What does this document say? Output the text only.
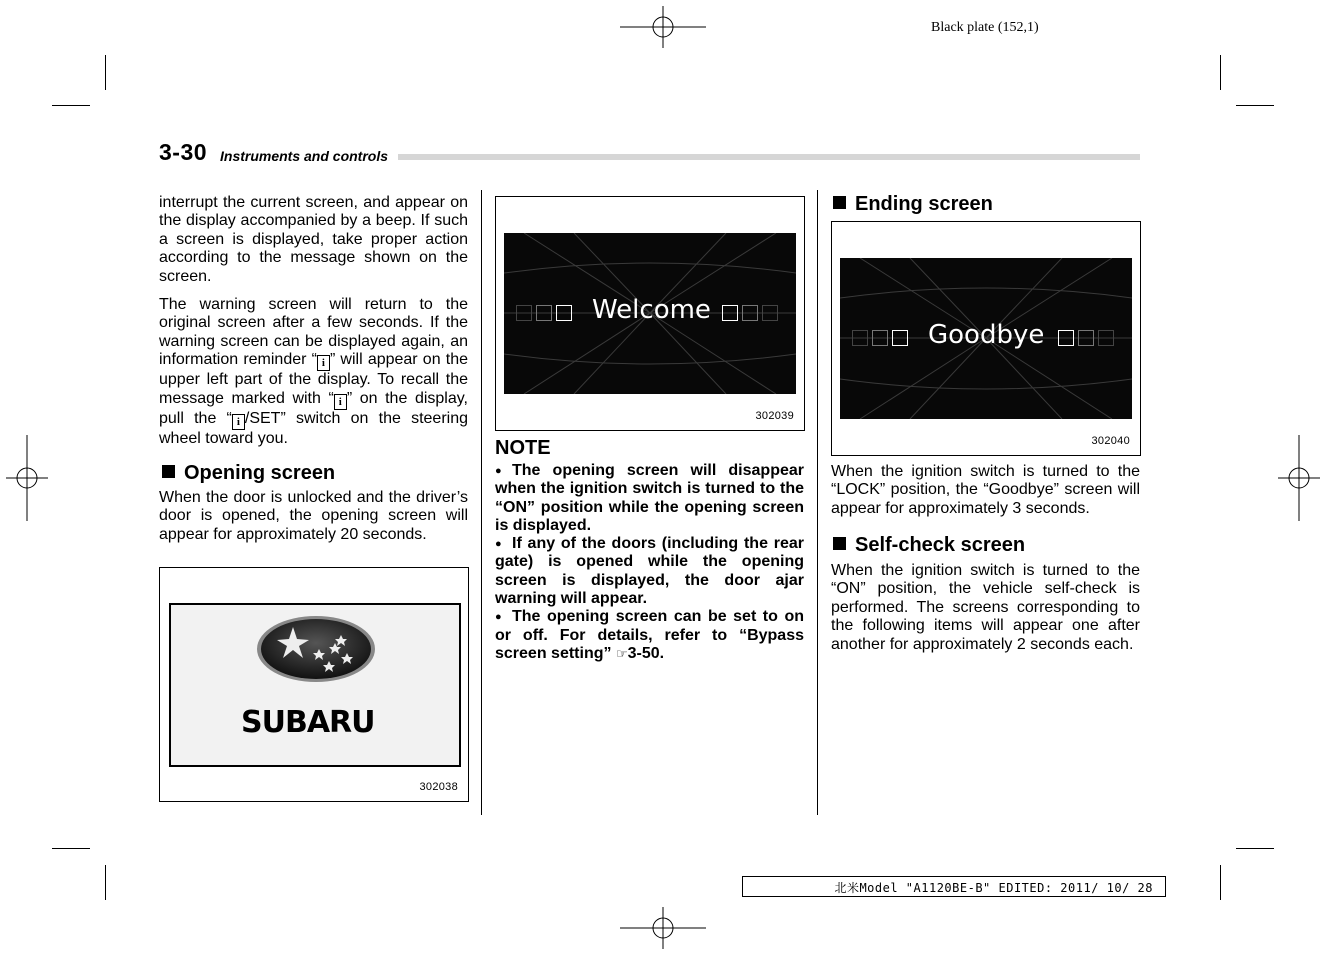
Black plate (152,1)
3-30 Instruments and controls

interrupt the current screen, and appear on the display accompanied by a beep. If such a screen is displayed, take proper action according to the message shown on the screen.

The warning screen will return to the original screen after a few seconds. If the warning screen can be displayed again, an information reminder “ i ” will appear on the upper left part of the display. To recall the message marked with “ i ” on the display, pull the “ i /SET” switch on the steering wheel toward you.

Opening screen
When the door is unlocked and the driver’s door is opened, the opening screen will appear for approximately 20 seconds.
SUBARU
302038
Welcome
302039
NOTE

● The opening screen will disappear when the ignition switch is turned to the “ON” position while the opening screen is displayed.

● If any of the doors (including the rear gate) is opened while the opening screen is displayed, the door ajar warning will appear.

● The opening screen can be set to on or off. For details, refer to “Bypass screen setting” ☞3-50.

Ending screen
Goodbye
302040
When the ignition switch is turned to the “LOCK” position, the “Goodbye” screen will appear for approximately 3 seconds.
Self-check screen
When the ignition switch is turned to the “ON” position, the vehicle self-check is performed. The screens corresponding to the following items will appear one after another for approximately 2 seconds each.
北米Model "A1120BE-B" EDITED: 2011/ 10/ 28
